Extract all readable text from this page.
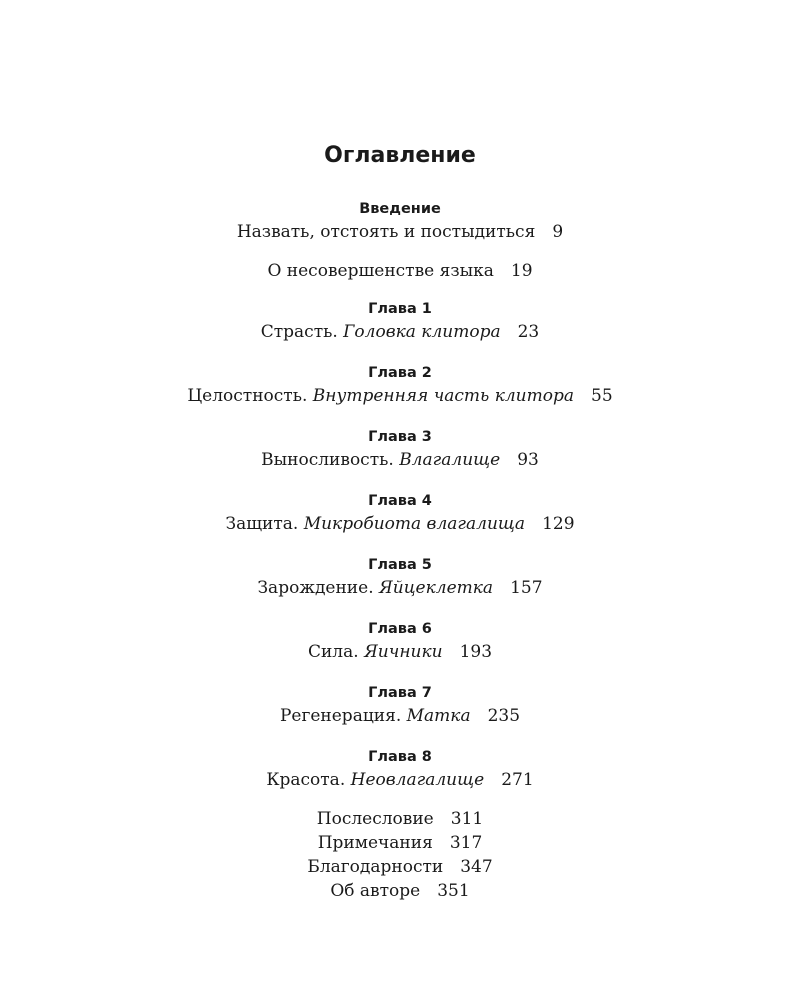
Оглавление
Введение
Назвать, отстоять и постыдиться 9
О несовершенстве языка 19
Глава 1
Страсть. Головка клитора 23
Глава 2
Целостность. Внутренняя часть клитора 55
Глава 3
Выносливость. Влагалище 93
Глава 4
Защита. Микробиота влагалища 129
Глава 5
Зарождение. Яйцеклетка 157
Глава 6
Сила. Яичники 193
Глава 7
Регенерация. Матка 235
Глава 8
Красота. Неовлагалище 271
Послесловие 311
Примечания 317
Благодарности 347
Об авторе 351
